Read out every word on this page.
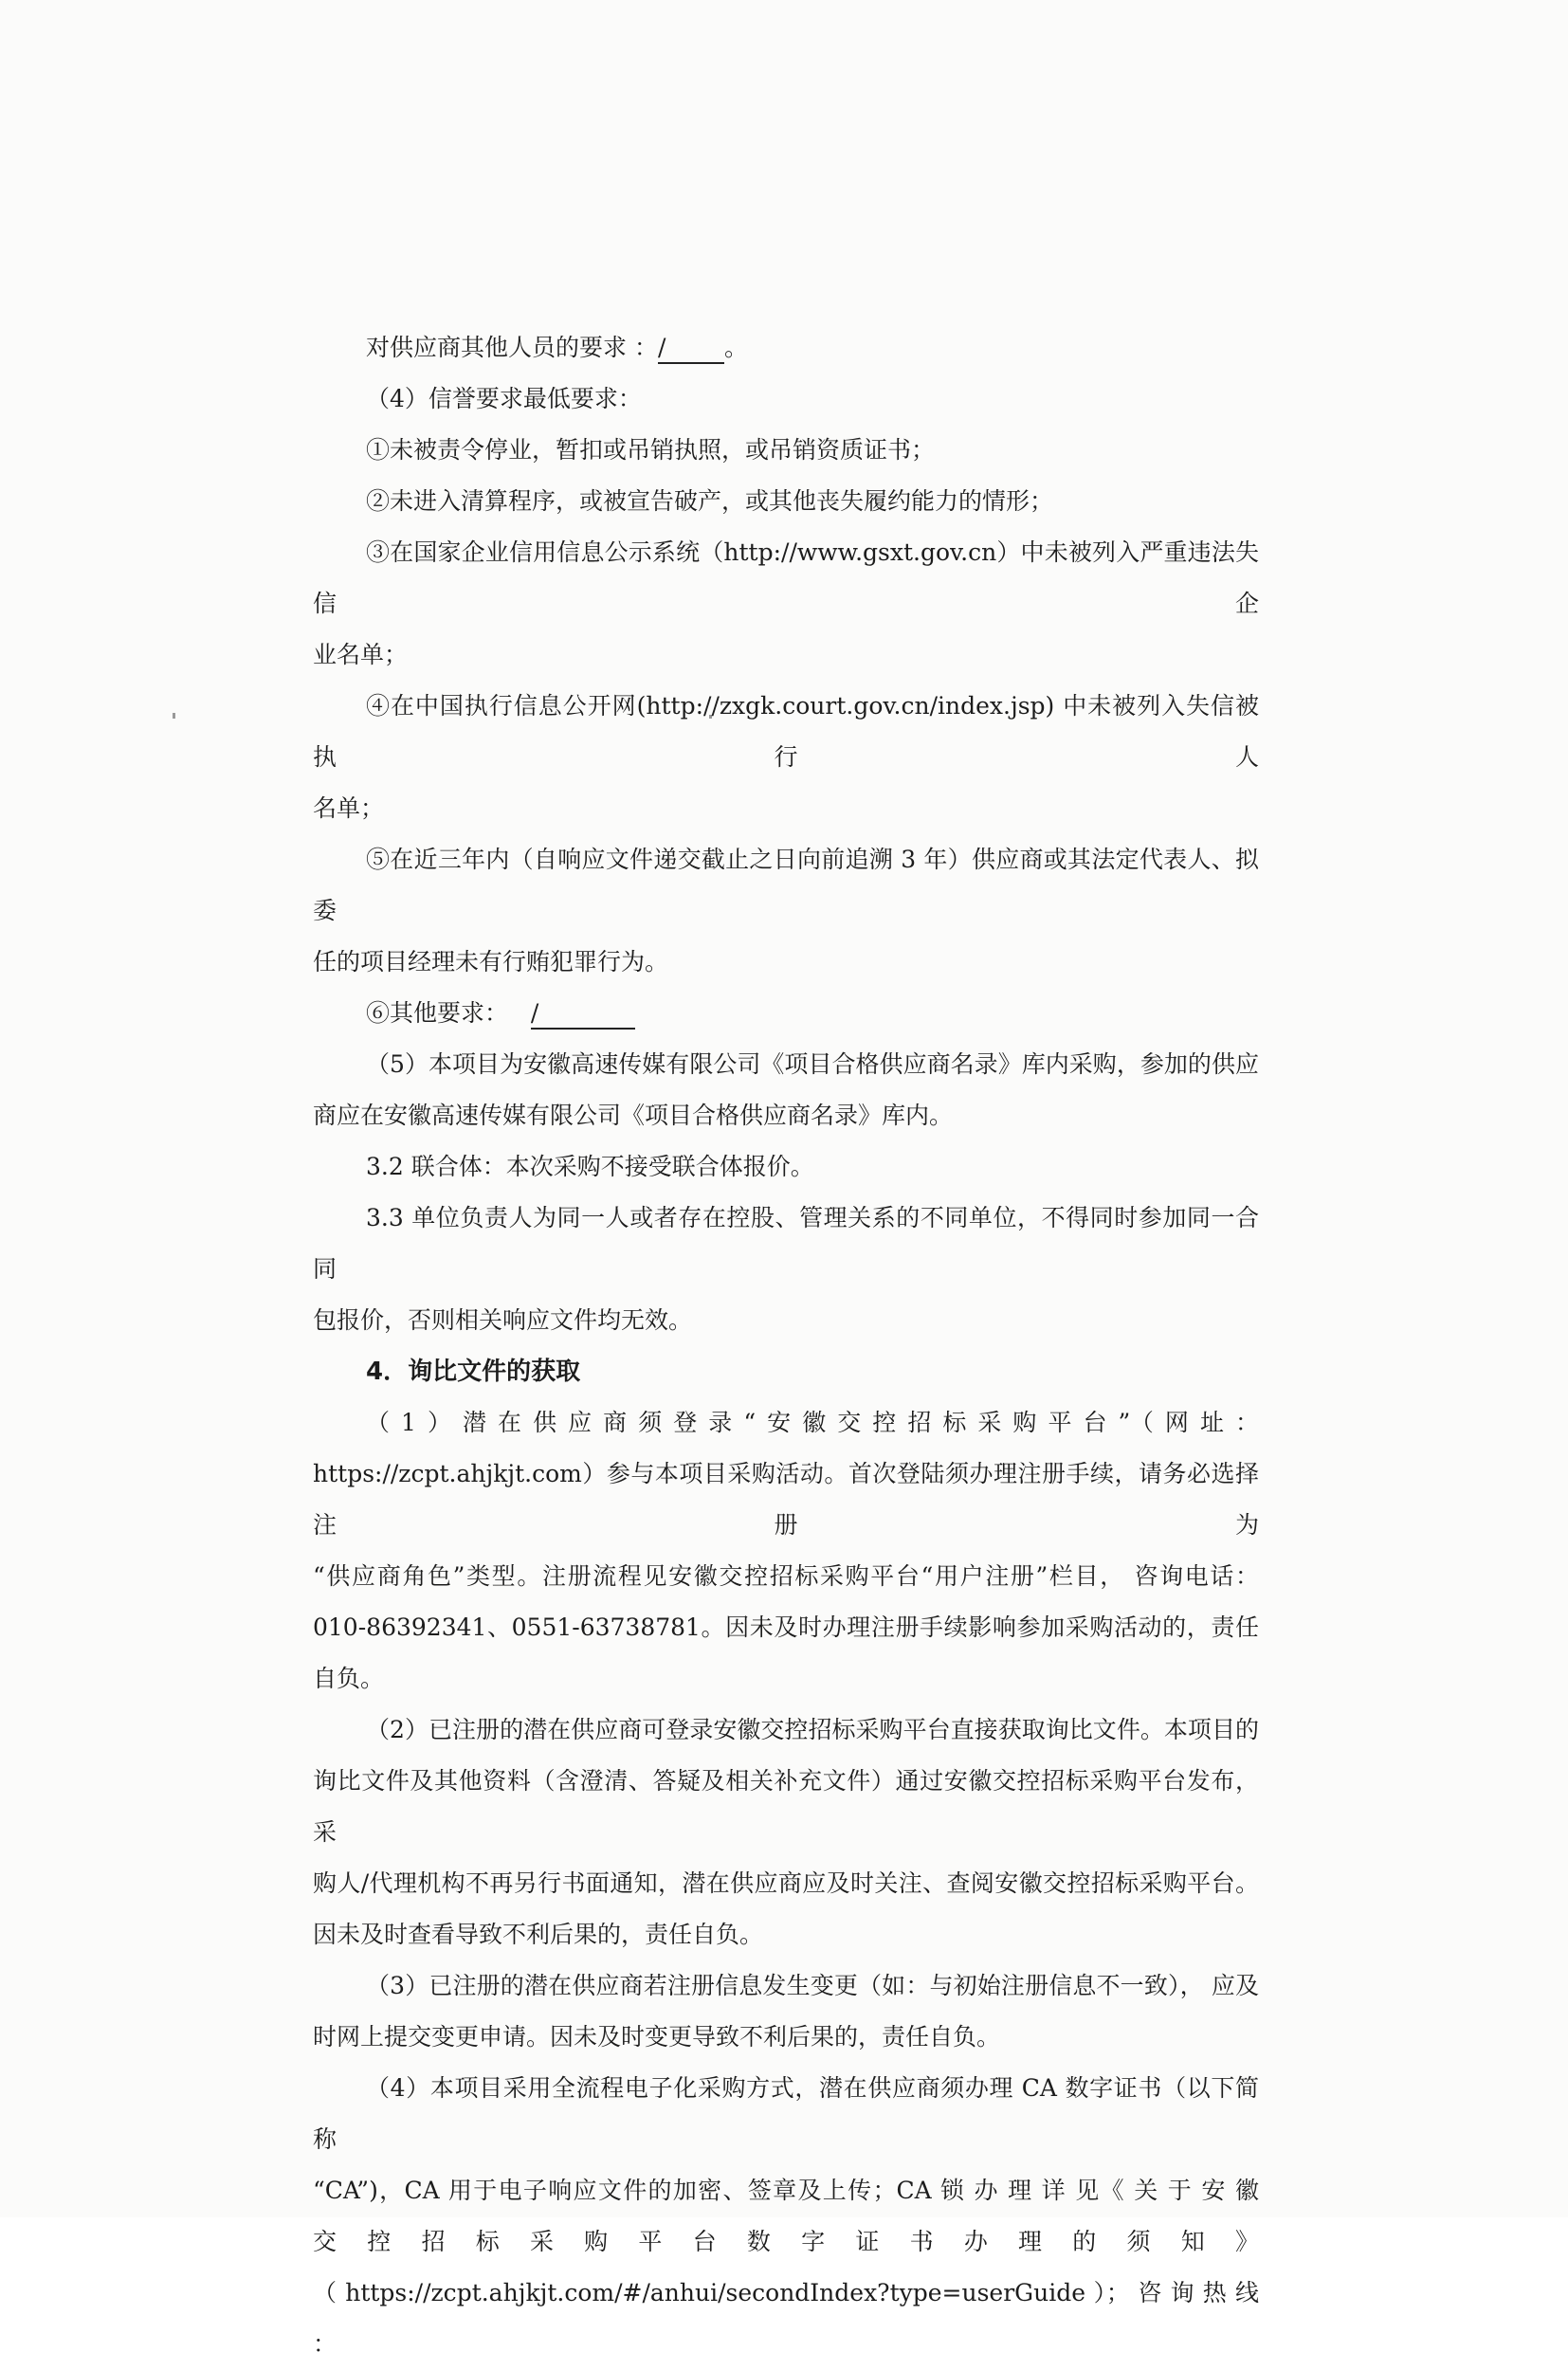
对供应商其他人员的要求 ：/ 。

（4）信誉要求最低要求：

①未被责令停业，暂扣或吊销执照，或吊销资质证书；

②未进入清算程序，或被宣告破产，或其他丧失履约能力的情形；

③在国家企业信用信息公示系统（http://www.gsxt.gov.cn）中未被列入严重违法失信企

业名单；

④在中国执行信息公开网(http://zxgk.court.gov.cn/index.jsp) 中未被列入失信被执行人

名单；

⑤在近三年内（自响应文件递交截止之日向前追溯 3 年）供应商或其法定代表人、拟委

任的项目经理未有行贿犯罪行为。

⑥其他要求： /

（5）本项目为安徽高速传媒有限公司《项目合格供应商名录》库内采购，参加的供应

商应在安徽高速传媒有限公司《项目合格供应商名录》库内。

3.2 联合体：本次采购不接受联合体报价。

3.3 单位负责人为同一人或者存在控股、管理关系的不同单位，不得同时参加同一合同

包报价，否则相关响应文件均无效。

4．询比文件的获取

（1）潜在供应商须登录“安徽交控招标采购平台”（网址：

https://zcpt.ahjkjt.com）参与本项目采购活动。首次登陆须办理注册手续，请务必选择注册为

“供应商角色”类型。注册流程见安徽交控招标采购平台“用户注册”栏目， 咨询电话：

010-86392341、0551-63738781。因未及时办理注册手续影响参加采购活动的，责任自负。

（2）已注册的潜在供应商可登录安徽交控招标采购平台直接获取询比文件。本项目的

询比文件及其他资料（含澄清、答疑及相关补充文件）通过安徽交控招标采购平台发布，采

购人/代理机构不再另行书面通知，潜在供应商应及时关注、查阅安徽交控招标采购平台。

因未及时查看导致不利后果的，责任自负。

（3）已注册的潜在供应商若注册信息发生变更（如：与初始注册信息不一致）， 应及

时网上提交变更申请。因未及时变更导致不利后果的，责任自负。

（4）本项目采用全流程电子化采购方式，潜在供应商须办理 CA 数字证书（以下简称

“CA”)，CA 用于电子响应文件的加密、签章及上传；CA 锁 办 理 详 见《 关 于 安 徽

交 控 招 标 采 购 平 台 数 字 证 书 办 理 的 须 知 》

（ https://zcpt.ahjkjt.com/#/anhui/secondIndex?type=userGuide ）； 咨 询 热 线 ：
